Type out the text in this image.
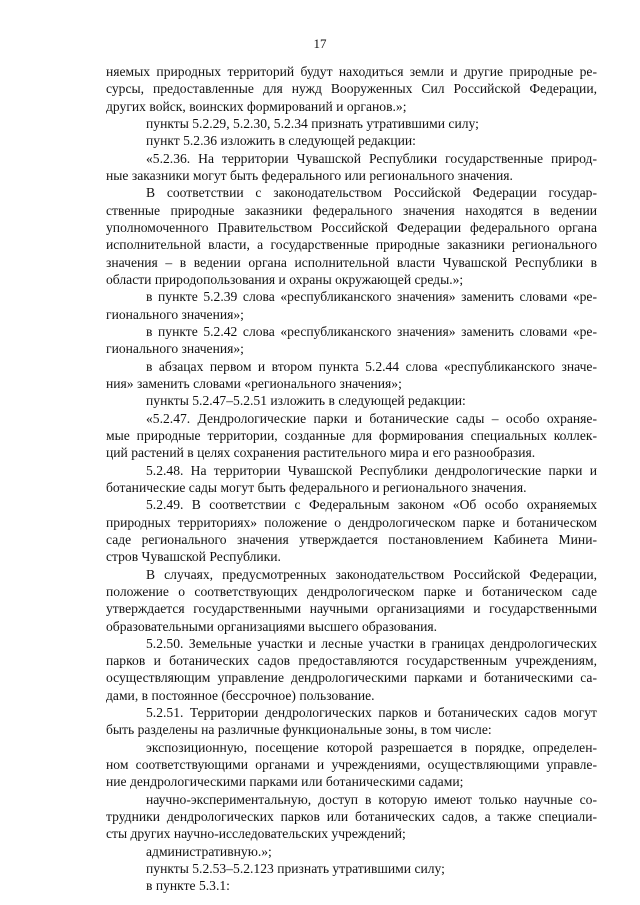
17
няемых природных территорий будут находиться земли и другие природные ре-
сурсы, предоставленные для нужд Вооруженных Сил Российской Федерации,
других войск, воинских формирований и органов.»;
пункты 5.2.29, 5.2.30, 5.2.34 признать утратившими силу;
пункт 5.2.36 изложить в следующей редакции:
«5.2.36. На территории Чувашской Республики государственные природ-
ные заказники могут быть федерального или регионального значения.
В соответствии с законодательством Российской Федерации государ-
ственные природные заказники федерального значения находятся в ведении
уполномоченного Правительством Российской Федерации федерального органа
исполнительной власти, а государственные природные заказники регионального
значения – в ведении органа исполнительной власти Чувашской Республики в
области природопользования и охраны окружающей среды.»;
в пункте 5.2.39 слова «республиканского значения» заменить словами «ре-
гионального значения»;
в пункте 5.2.42 слова «республиканского значения» заменить словами «ре-
гионального значения»;
в абзацах первом и втором пункта 5.2.44 слова «республиканского значе-
ния» заменить словами «регионального значения»;
пункты 5.2.47–5.2.51 изложить в следующей редакции:
«5.2.47. Дендрологические парки и ботанические сады – особо охраняе-
мые природные территории, созданные для формирования специальных коллек-
ций растений в целях сохранения растительного мира и его разнообразия.
5.2.48. На территории Чувашской Республики дендрологические парки и
ботанические сады могут быть федерального и регионального значения.
5.2.49. В соответствии с Федеральным законом «Об особо охраняемых
природных территориях» положение о дендрологическом парке и ботаническом
саде регионального значения утверждается постановлением Кабинета Мини-
стров Чувашской Республики.
В случаях, предусмотренных законодательством Российской Федерации,
положение о соответствующих дендрологическом парке и ботаническом саде
утверждается государственными научными организациями и государственными
образовательными организациями высшего образования.
5.2.50. Земельные участки и лесные участки в границах дендрологических
парков и ботанических садов предоставляются государственным учреждениям,
осуществляющим управление дендрологическими парками и ботаническими са-
дами, в постоянное (бессрочное) пользование.
5.2.51. Территории дендрологических парков и ботанических садов могут
быть разделены на различные функциональные зоны, в том числе:
экспозиционную, посещение которой разрешается в порядке, определен-
ном соответствующими органами и учреждениями, осуществляющими управле-
ние дендрологическими парками или ботаническими садами;
научно-экспериментальную, доступ в которую имеют только научные со-
трудники дендрологических парков или ботанических садов, а также специали-
сты других научно-исследовательских учреждений;
административную.»;
пункты 5.2.53–5.2.123 признать утратившими силу;
в пункте 5.3.1:
